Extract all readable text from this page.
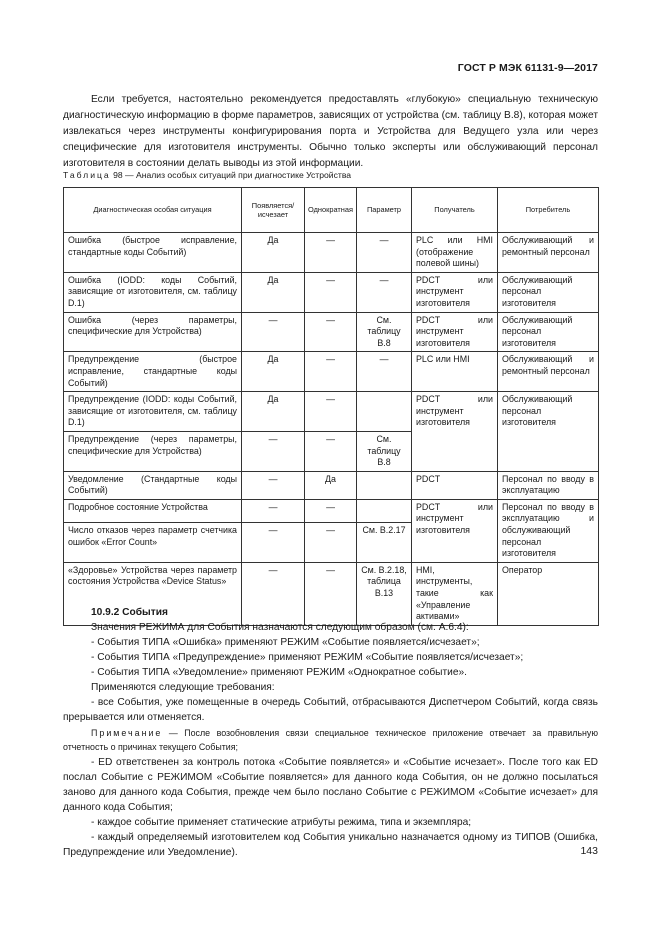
ГОСТ Р МЭК 61131-9—2017
Если требуется, настоятельно рекомендуется предоставлять «глубокую» специальную техническую диагностическую информацию в форме параметров, зависящих от устройства (см. таблицу В.8), которая может извлекаться через инструменты конфигурирования порта и Устройства для Ведущего узла или через специфические для изготовителя инструменты. Обычно только эксперты или обслуживающий персонал изготовителя в состоянии делать выводы из этой информации.
Таблица 98 — Анализ особых ситуаций при диагностике Устройства
Диагностическая особая ситуация	Появляется/исчезает	Однократная	Параметр	Получатель	Потребитель
Ошибка (быстрое исправление, стандартные коды Событий)	Да	—	—	PLC или HMI (отображение полевой шины)	Обслуживающий и ремонтный персонал
Ошибка (IODD: коды Событий, зависящие от изготовителя, см. таблицу D.1)	Да	—	—	PDCT или инструмент изготовителя	Обслуживающий персонал изготовителя
Ошибка (через параметры, специфические для Устройства)	—	—	См. таблицу В.8	PDCT или инструмент изготовителя	Обслуживающий персонал изготовителя
Предупреждение (быстрое исправление, стандартные коды Событий)	Да	—	—	PLC или HMI	Обслуживающий и ремонтный персонал
Предупреждение (IODD: коды Событий, зависящие от изготовителя, см. таблицу D.1)	Да	—		PDCT или инструмент изготовителя	Обслуживающий персонал изготовителя
Предупреждение (через параметры, специфические для Устройства)	—	—	См. таблицу В.8		
Уведомление (Стандартные коды Событий)	—	Да		PDCT	Персонал по вводу в эксплуатацию
Подробное состояние Устройства	—	—		PDCT или инструмент изготовителя	Персонал по вводу в эксплуатацию и обслуживающий персонал изготовителя
Число отказов через параметр счетчика ошибок «Error Count»	—	—	См. В.2.17		
«Здоровье» Устройства через параметр состояния Устройства «Device Status»	—	—	См. В.2.18, таблица В.13	HMI, инструменты, такие как «Управление активами»	Оператор
10.9.2 События

Значения РЕЖИМА для События назначаются следующим образом (см. А.6.4):

- События ТИПА «Ошибка» применяют РЕЖИМ «Событие появляется/исчезает»;

- События ТИПА «Предупреждение» применяют РЕЖИМ «Событие появляется/исчезает»;

- События ТИПА «Уведомление» применяют РЕЖИМ «Однократное событие».

Применяются следующие требования:

- все События, уже помещенные в очередь Событий, отбрасываются Диспетчером Событий, когда связь прерывается или отменяется.

Примечание — После возобновления связи специальное техническое приложение отвечает за правильную отчетность о причинах текущего События;

- ED ответственен за контроль потока «Событие появляется» и «Событие исчезает». После того как ED послал Событие с РЕЖИМОМ «Событие появляется» для данного кода События, он не должно посылаться заново для данного кода События, прежде чем было послано Событие с РЕЖИМОМ «Событие исчезает» для данного кода События;

- каждое событие применяет статические атрибуты режима, типа и экземпляра;

- каждый определяемый изготовителем код События уникально назначается одному из ТИПОВ (Ошибка, Предупреждение или Уведомление).	143
